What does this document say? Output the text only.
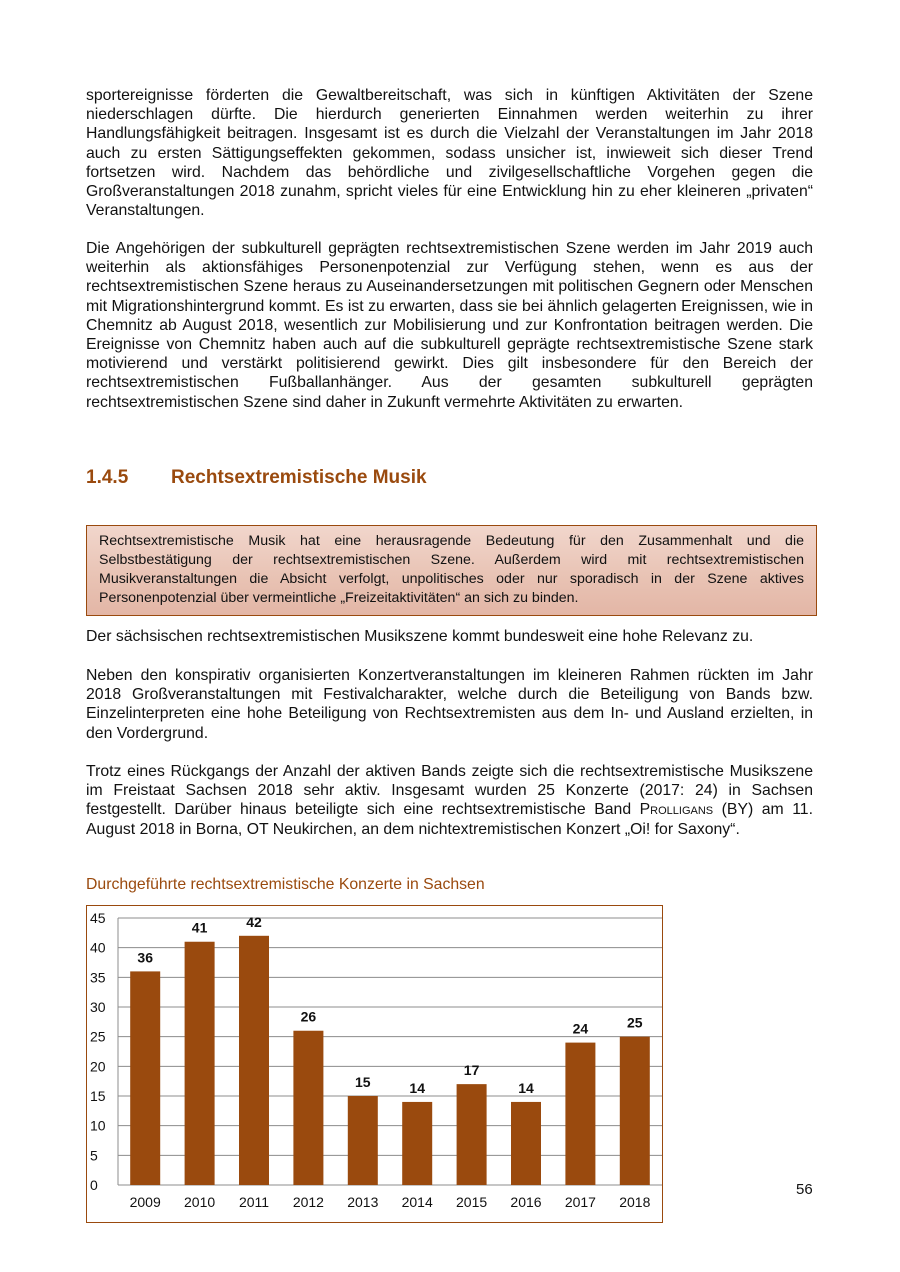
sportereignisse förderten die Gewaltbereitschaft, was sich in künftigen Aktivitäten der Szene niederschlagen dürfte. Die hierdurch generierten Einnahmen werden weiterhin zu ihrer Handlungsfähigkeit beitragen. Insgesamt ist es durch die Vielzahl der Veranstaltungen im Jahr 2018 auch zu ersten Sättigungseffekten gekommen, sodass unsicher ist, inwieweit sich dieser Trend fortsetzen wird. Nachdem das behördliche und zivilgesellschaftliche Vorgehen gegen die Großveranstaltungen 2018 zunahm, spricht vieles für eine Entwicklung hin zu eher kleineren „privaten“ Veranstaltungen.

Die Angehörigen der subkulturell geprägten rechtsextremistischen Szene werden im Jahr 2019 auch weiterhin als aktionsfähiges Personenpotenzial zur Verfügung stehen, wenn es aus der rechtsextremistischen Szene heraus zu Auseinandersetzungen mit politischen Gegnern oder Menschen mit Migrationshintergrund kommt. Es ist zu erwarten, dass sie bei ähnlich gelagerten Ereignissen, wie in Chemnitz ab August 2018, wesentlich zur Mobilisierung und zur Konfrontation beitragen werden. Die Ereignisse von Chemnitz haben auch auf die subkulturell geprägte rechtsextremistische Szene stark motivierend und verstärkt politisierend gewirkt. Dies gilt insbesondere für den Bereich der rechtsextremistischen Fußballanhänger. Aus der gesamten subkulturell geprägten rechtsextremistischen Szene sind daher in Zukunft vermehrte Aktivitäten zu erwarten.

1.4.5 Rechtsextremistische Musik

Rechtsextremistische Musik hat eine herausragende Bedeutung für den Zusammenhalt und die Selbstbestätigung der rechtsextremistischen Szene. Außerdem wird mit rechtsextremistischen Musikveranstaltungen die Absicht verfolgt, unpolitisches oder nur sporadisch in der Szene aktives Personenpotenzial über vermeintliche „Freizeitaktivitäten“ an sich zu binden.

Der sächsischen rechtsextremistischen Musikszene kommt bundesweit eine hohe Relevanz zu.

Neben den konspirativ organisierten Konzertveranstaltungen im kleineren Rahmen rückten im Jahr 2018 Großveranstaltungen mit Festivalcharakter, welche durch die Beteiligung von Bands bzw. Einzelinterpreten eine hohe Beteiligung von Rechtsextremisten aus dem In- und Ausland erzielten, in den Vordergrund.

Trotz eines Rückgangs der Anzahl der aktiven Bands zeigte sich die rechtsextremistische Musikszene im Freistaat Sachsen 2018 sehr aktiv. Insgesamt wurden 25 Konzerte (2017: 24) in Sachsen festgestellt. Darüber hinaus beteiligte sich eine rechtsextremistische Band Prolligans (BY) am 11. August 2018 in Borna, OT Neukirchen, an dem nichtextremistischen Konzert „Oi! for Saxony“.

Durchgeführte rechtsextremistische Konzerte in Sachsen

0
5
10
15
20
25
30
35
40
45
36
2009
41
2010
42
2011
26
2012
15
2013
14
2014
17
2015
14
2016
24
2017
25
2018

56
